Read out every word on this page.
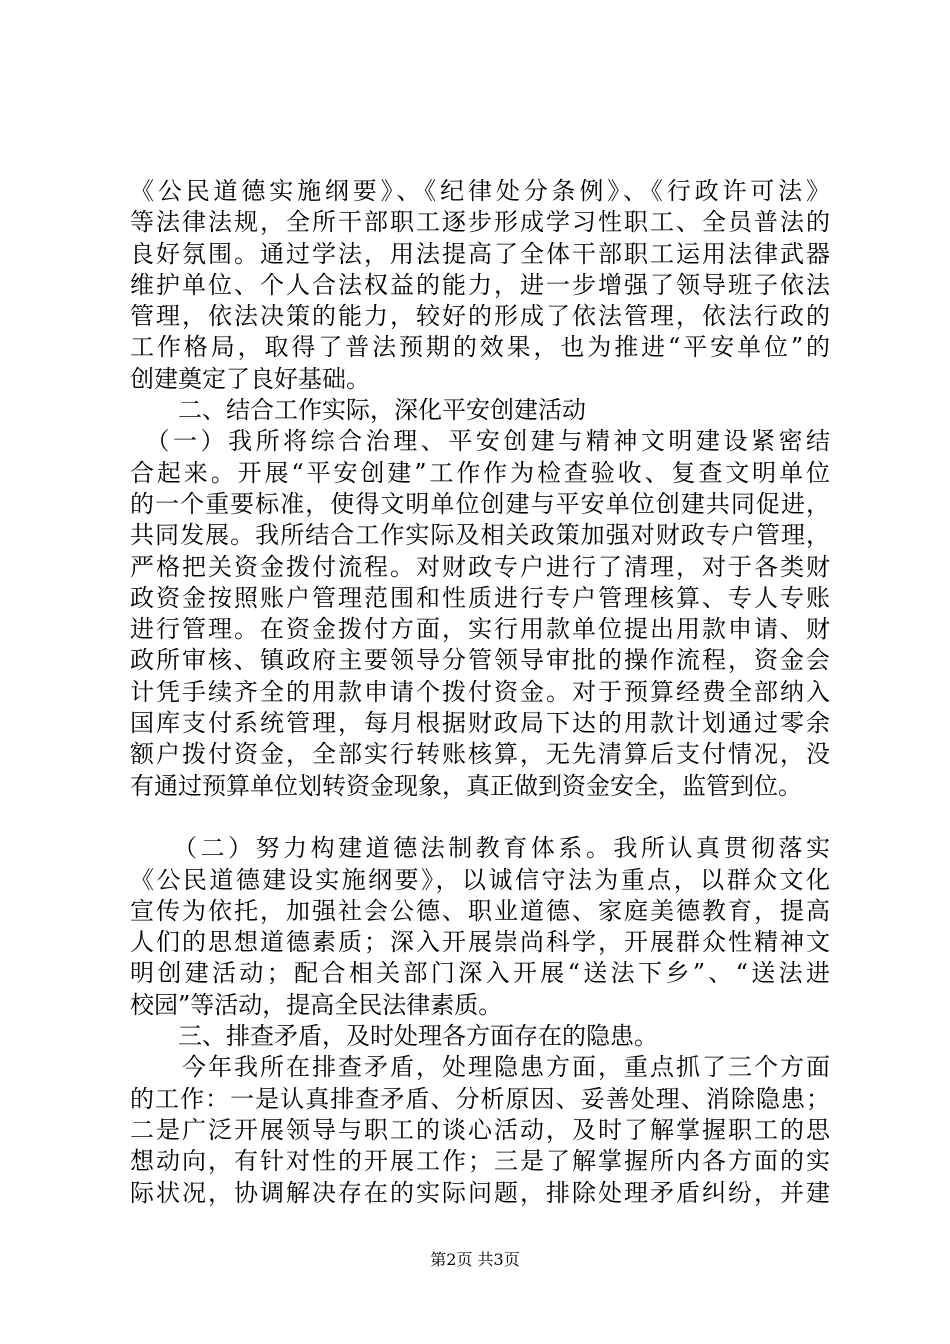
《公民道德实施纲要》、《纪律处分条例》、《行政许可法》
等法律法规，全所干部职工逐步形成学习性职工、全员普法的
良好氛围。通过学法，用法提高了全体干部职工运用法律武器
维护单位、个人合法权益的能力，进一步增强了领导班子依法
管理，依法决策的能力，较好的形成了依法管理，依法行政的
工作格局，取得了普法预期的效果，也为推进“平安单位”的
创建奠定了良好基础。
　　二、结合工作实际，深化平安创建活动
　（一）我所将综合治理、平安创建与精神文明建设紧密结
合起来。开展“平安创建”工作作为检查验收、复查文明单位
的一个重要标准，使得文明单位创建与平安单位创建共同促进，
共同发展。我所结合工作实际及相关政策加强对财政专户管理，
严格把关资金拨付流程。对财政专户进行了清理，对于各类财
政资金按照账户管理范围和性质进行专户管理核算、专人专账
进行管理。在资金拨付方面，实行用款单位提出用款申请、财
政所审核、镇政府主要领导分管领导审批的操作流程，资金会
计凭手续齐全的用款申请个拨付资金。对于预算经费全部纳入
国库支付系统管理，每月根据财政局下达的用款计划通过零余
额户拨付资金，全部实行转账核算，无先清算后支付情况，没
有通过预算单位划转资金现象，真正做到资金安全，监管到位。
　　（二）努力构建道德法制教育体系。我所认真贯彻落实
《公民道德建设实施纲要》，以诚信守法为重点，以群众文化
宣传为依托，加强社会公德、职业道德、家庭美德教育，提高
人们的思想道德素质；深入开展崇尚科学，开展群众性精神文
明创建活动；配合相关部门深入开展“送法下乡”、“送法进
校园”等活动，提高全民法律素质。
　　三、排查矛盾，及时处理各方面存在的隐患。
　　今年我所在排查矛盾，处理隐患方面，重点抓了三个方面
的工作：一是认真排查矛盾、分析原因、妥善处理、消除隐患；
二是广泛开展领导与职工的谈心活动，及时了解掌握职工的思
想动向，有针对性的开展工作；三是了解掌握所内各方面的实
际状况，协调解决存在的实际问题，排除处理矛盾纠纷，并建
第2页 共3页
